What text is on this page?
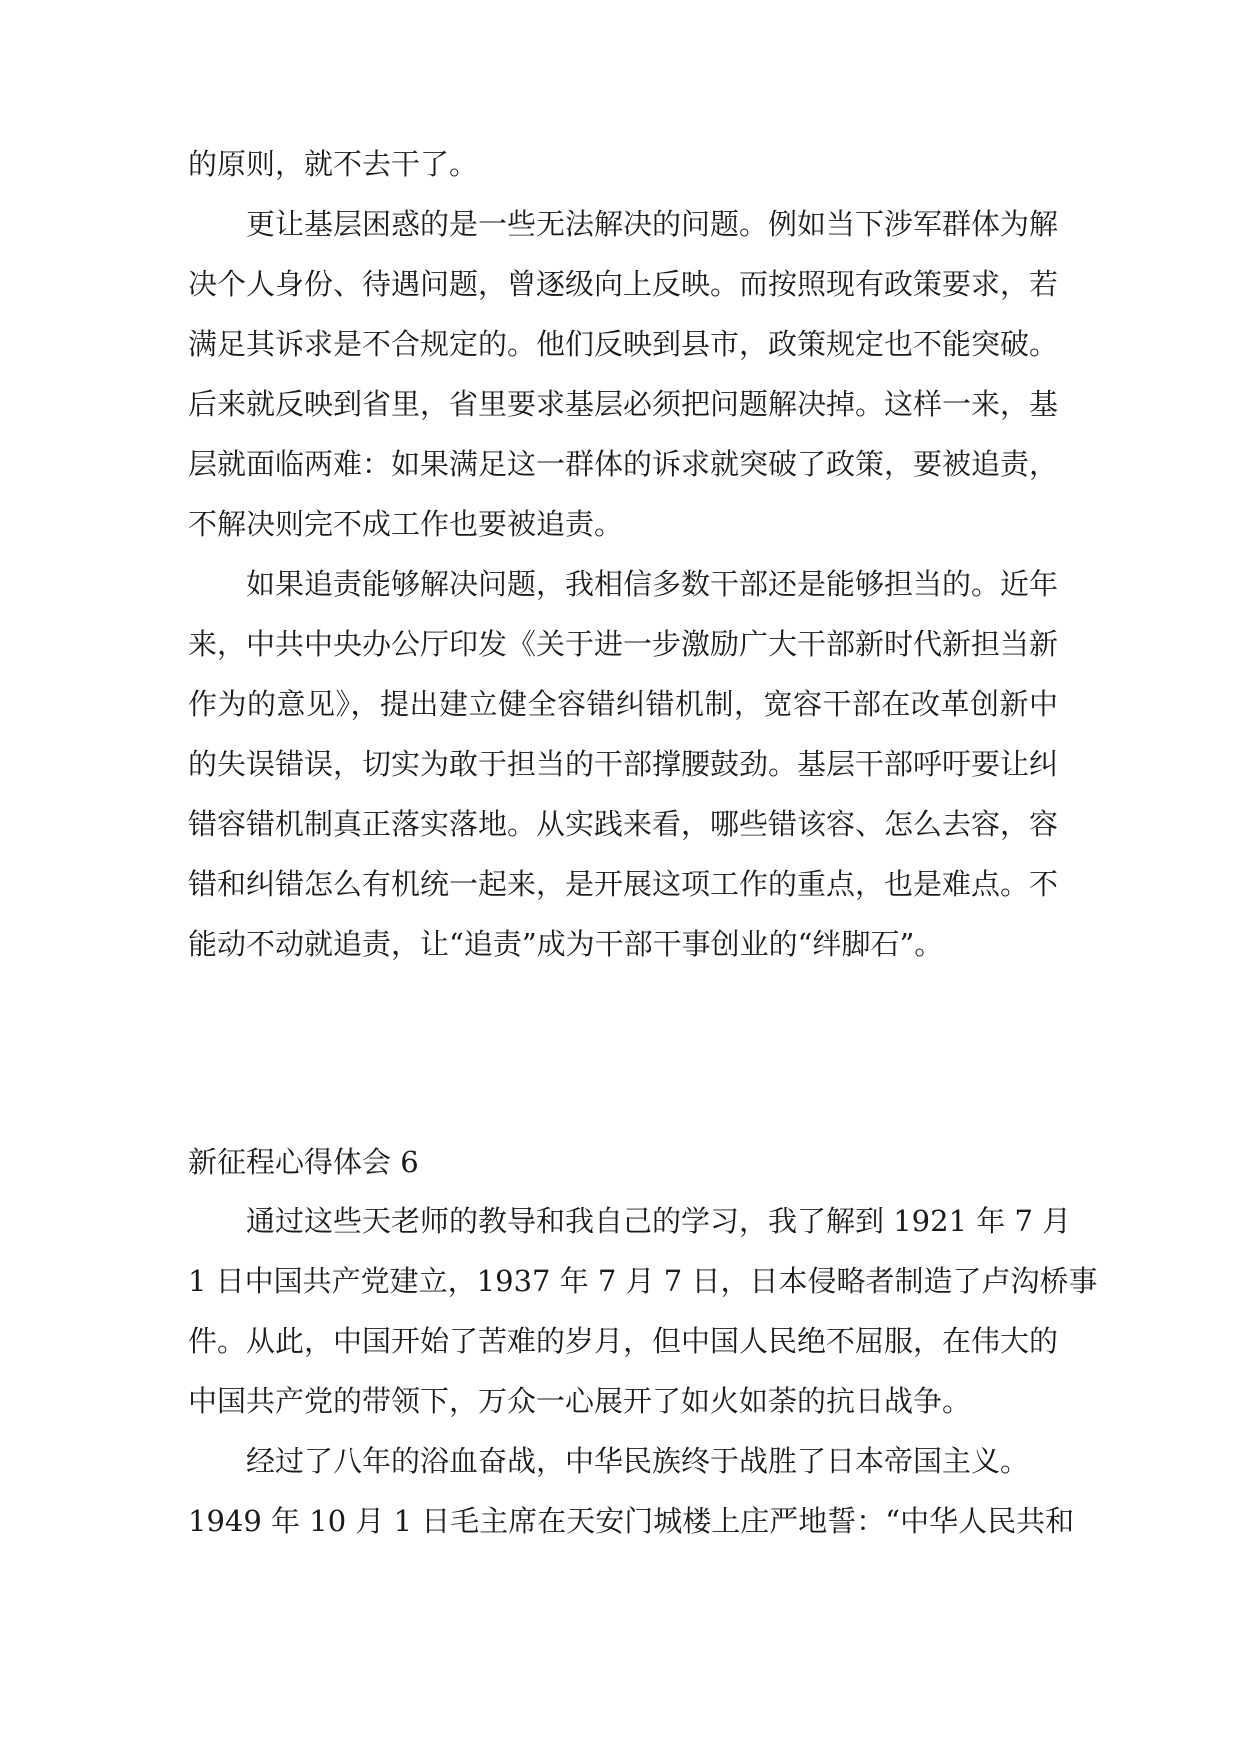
的原则，就不去干了。
更让基层困惑的是一些无法解决的问题。例如当下涉军群体为解
决个人身份、待遇问题，曾逐级向上反映。而按照现有政策要求，若
满足其诉求是不合规定的。他们反映到县市，政策规定也不能突破。
后来就反映到省里，省里要求基层必须把问题解决掉。这样一来，基
层就面临两难：如果满足这一群体的诉求就突破了政策，要被追责，
不解决则完不成工作也要被追责。
如果追责能够解决问题，我相信多数干部还是能够担当的。近年
来，中共中央办公厅印发《关于进一步激励广大干部新时代新担当新
作为的意见》，提出建立健全容错纠错机制，宽容干部在改革创新中
的失误错误，切实为敢于担当的干部撑腰鼓劲。基层干部呼吁要让纠
错容错机制真正落实落地。从实践来看，哪些错该容、怎么去容，容
错和纠错怎么有机统一起来，是开展这项工作的重点，也是难点。不
能动不动就追责，让“追责”成为干部干事创业的“绊脚石”。
新征程心得体会 6
通过这些天老师的教导和我自己的学习，我了解到 1921 年 7 月
1 日中国共产党建立，1937 年 7 月 7 日，日本侵略者制造了卢沟桥事
件。从此，中国开始了苦难的岁月，但中国人民绝不屈服，在伟大的
中国共产党的带领下，万众一心展开了如火如荼的抗日战争。
经过了八年的浴血奋战，中华民族终于战胜了日本帝国主义。
1949 年 10 月 1 日毛主席在天安门城楼上庄严地誓：“中华人民共和
